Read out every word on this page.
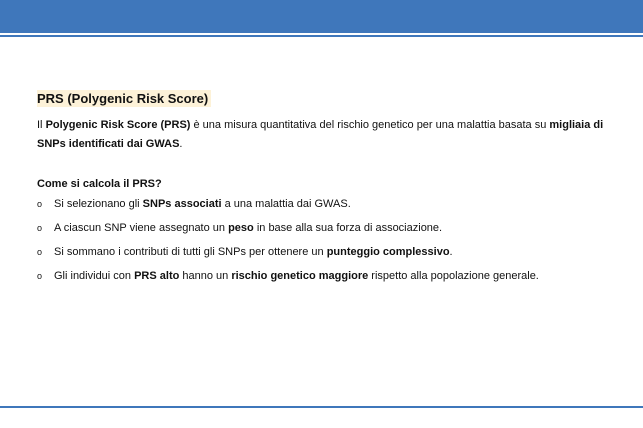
PRS (Polygenic Risk Score)

Il Polygenic Risk Score (PRS) è una misura quantitativa del rischio genetico per una malattia basata su migliaia di SNPs identificati dai GWAS.

Come si calcola il PRS?
o	Si selezionano gli SNPs associati a una malattia dai GWAS.
o	A ciascun SNP viene assegnato un peso in base alla sua forza di associazione.
o	Si sommano i contributi di tutti gli SNPs per ottenere un punteggio complessivo.
o	Gli individui con PRS alto hanno un rischio genetico maggiore rispetto alla popolazione generale.
